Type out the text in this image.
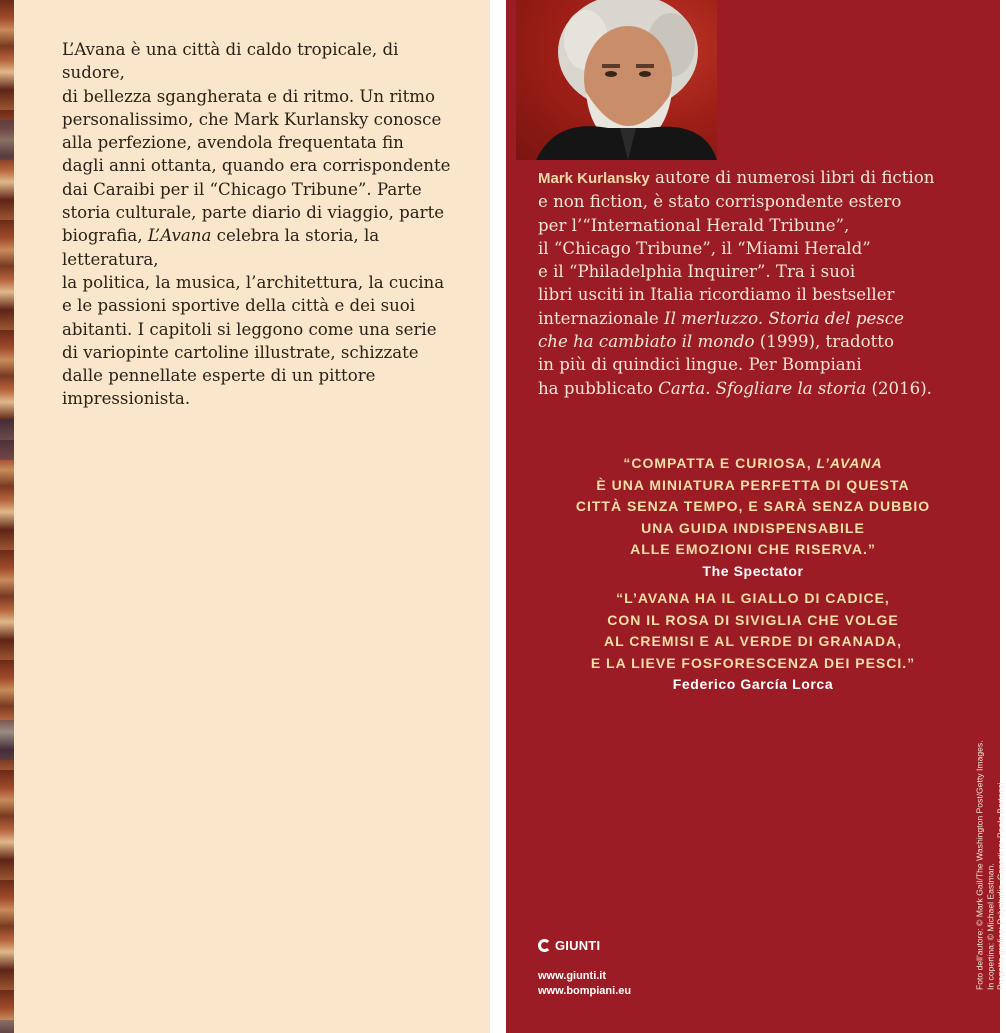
L’Avana è una città di caldo tropicale, di sudore,

di bellezza sgangherata e di ritmo. Un ritmo

personalissimo, che Mark Kurlansky conosce

alla perfezione, avendola frequentata fin

dagli anni ottanta, quando era corrispondente

dai Caraibi per il “Chicago Tribune”. Parte

storia culturale, parte diario di viaggio, parte

biografia, L’Avana celebra la storia, la letteratura,

la politica, la musica, l’architettura, la cucina

e le passioni sportive della città e dei suoi

abitanti. I capitoli si leggono come una serie

di variopinte cartoline illustrate, schizzate

dalle pennellate esperte di un pittore

impressionista.

Mark Kurlansky autore di numerosi libri di fiction
e non fiction, è stato corrispondente estero
per l’“International Herald Tribune”,
il “Chicago Tribune”, il “Miami Herald”
e il “Philadelphia Inquirer”. Tra i suoi
libri usciti in Italia ricordiamo il bestseller
internazionale Il merluzzo. Storia del pesce
che ha cambiato il mondo (1999), tradotto
in più di quindici lingue. Per Bompiani
ha pubblicato Carta. Sfogliare la storia (2016).
“COMPATTA E CURIOSA, L’AVANA
È UNA MINIATURA PERFETTA DI QUESTA
CITTÀ SENZA TEMPO, E SARÀ SENZA DUBBIO
UNA GUIDA INDISPENSABILE
ALLE EMOZIONI CHE RISERVA.”
The Spectator
“L’AVANA HA IL GIALLO DI CADICE,
CON IL ROSA DI SIVIGLIA CHE VOLGE
AL CREMISI E AL VERDE DI GRANADA,
E LA LIEVE FOSFORESCENZA DEI PESCI.”
Federico García Lorca
Foto dell’autore: © Mark Gail/The Washington Post/Getty Images. In copertina: © Michael Eastman. Progetto grafico: Polystudio. Copertina: Paola Bertozzi.
GIUNTI
www.giunti.it
www.bompiani.eu
